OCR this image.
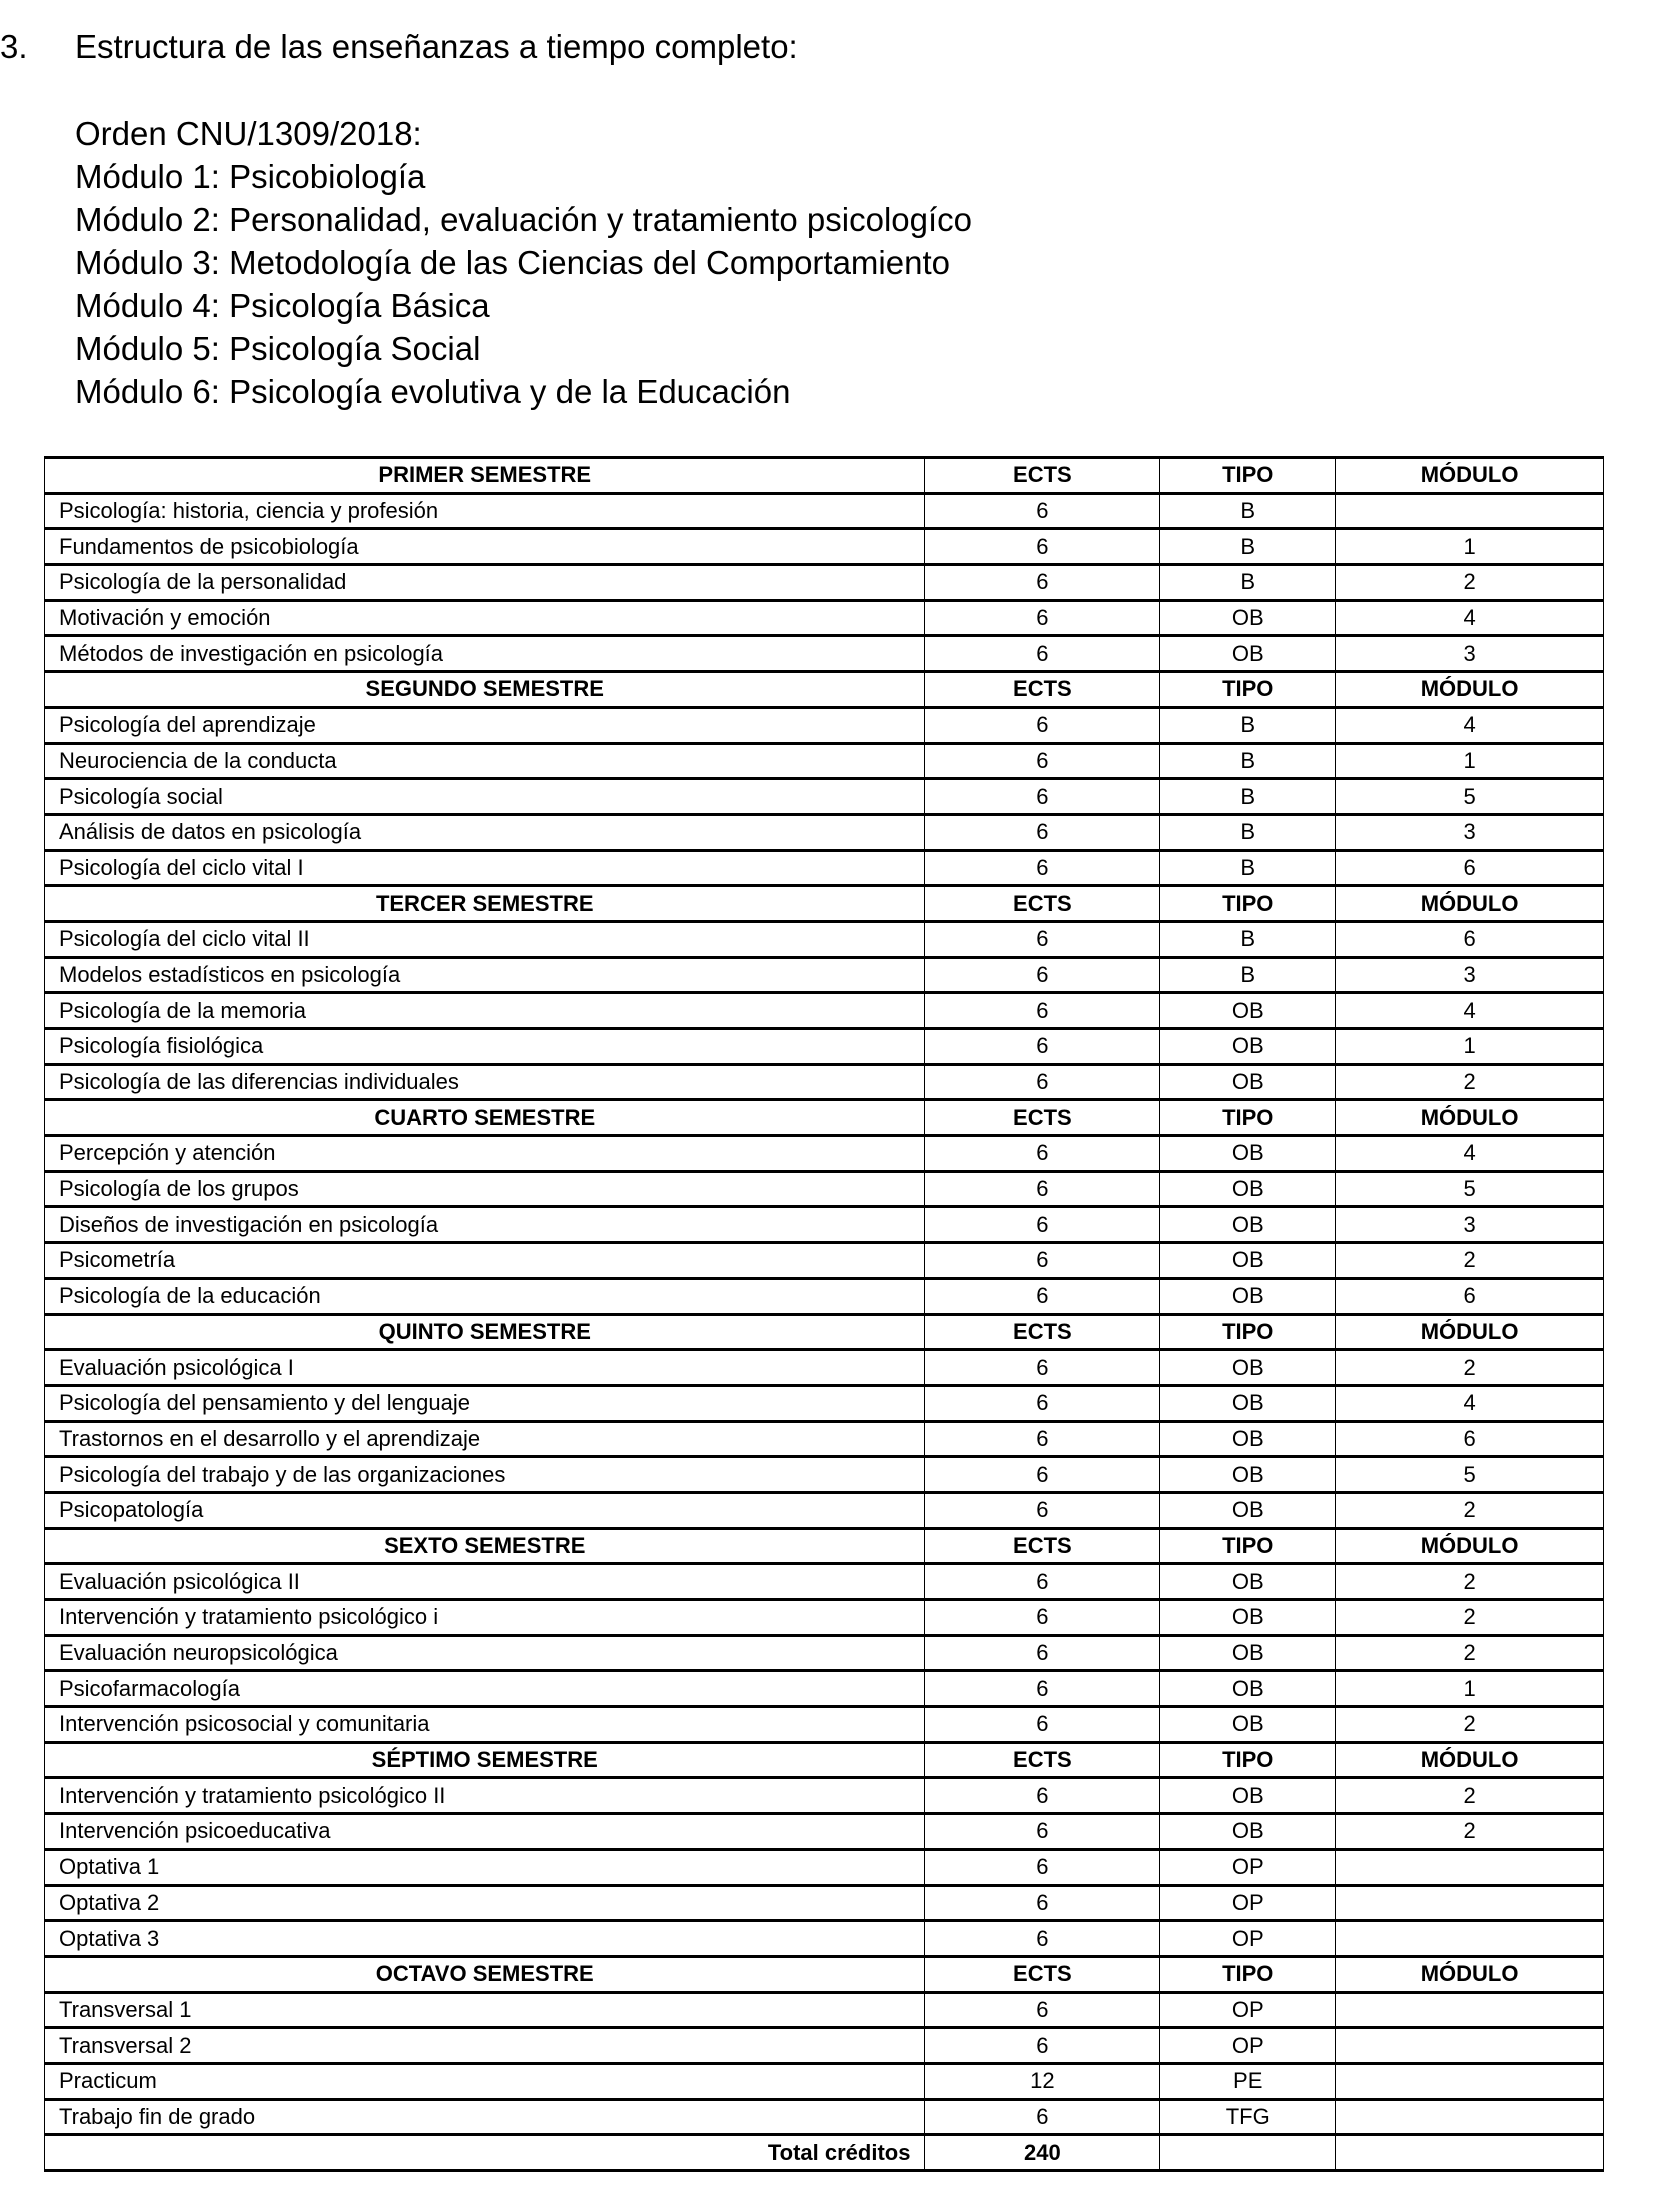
3. Estructura de las enseñanzas a tiempo completo:
Orden CNU/1309/2018:
Módulo 1: Psicobiología
Módulo 2: Personalidad, evaluación y tratamiento psicologíco
Módulo 3: Metodología de las Ciencias del Comportamiento
Módulo 4: Psicología Básica
Módulo 5: Psicología Social
Módulo 6: Psicología evolutiva y de la Educación
PRIMER SEMESTRE	ECTS	TIPO	MÓDULO
Psicología: historia, ciencia y profesión	6	B	
Fundamentos de psicobiología	6	B	1
Psicología de la personalidad	6	B	2
Motivación y emoción	6	OB	4
Métodos de investigación en psicología	6	OB	3
SEGUNDO SEMESTRE	ECTS	TIPO	MÓDULO
Psicología del aprendizaje	6	B	4
Neurociencia de la conducta	6	B	1
Psicología social	6	B	5
Análisis de datos en psicología	6	B	3
Psicología del ciclo vital I	6	B	6
TERCER SEMESTRE	ECTS	TIPO	MÓDULO
Psicología del ciclo vital II	6	B	6
Modelos estadísticos en psicología	6	B	3
Psicología de la memoria	6	OB	4
Psicología fisiológica	6	OB	1
Psicología de las diferencias individuales	6	OB	2
CUARTO SEMESTRE	ECTS	TIPO	MÓDULO
Percepción y atención	6	OB	4
Psicología de los grupos	6	OB	5
Diseños de investigación en psicología	6	OB	3
Psicometría	6	OB	2
Psicología de la educación	6	OB	6
QUINTO SEMESTRE	ECTS	TIPO	MÓDULO
Evaluación psicológica I	6	OB	2
Psicología del pensamiento y del lenguaje	6	OB	4
Trastornos en el desarrollo y el aprendizaje	6	OB	6
Psicología del trabajo y de las organizaciones	6	OB	5
Psicopatología	6	OB	2
SEXTO SEMESTRE	ECTS	TIPO	MÓDULO
Evaluación psicológica II	6	OB	2
Intervención y tratamiento psicológico i	6	OB	2
Evaluación neuropsicológica	6	OB	2
Psicofarmacología	6	OB	1
Intervención psicosocial y comunitaria	6	OB	2
SÉPTIMO SEMESTRE	ECTS	TIPO	MÓDULO
Intervención y tratamiento psicológico II	6	OB	2
Intervención psicoeducativa	6	OB	2
Optativa 1	6	OP	
Optativa 2	6	OP	
Optativa 3	6	OP	
OCTAVO SEMESTRE	ECTS	TIPO	MÓDULO
Transversal 1	6	OP	
Transversal 2	6	OP	
Practicum	12	PE	
Trabajo fin de grado	6	TFG	
Total créditos	240		
